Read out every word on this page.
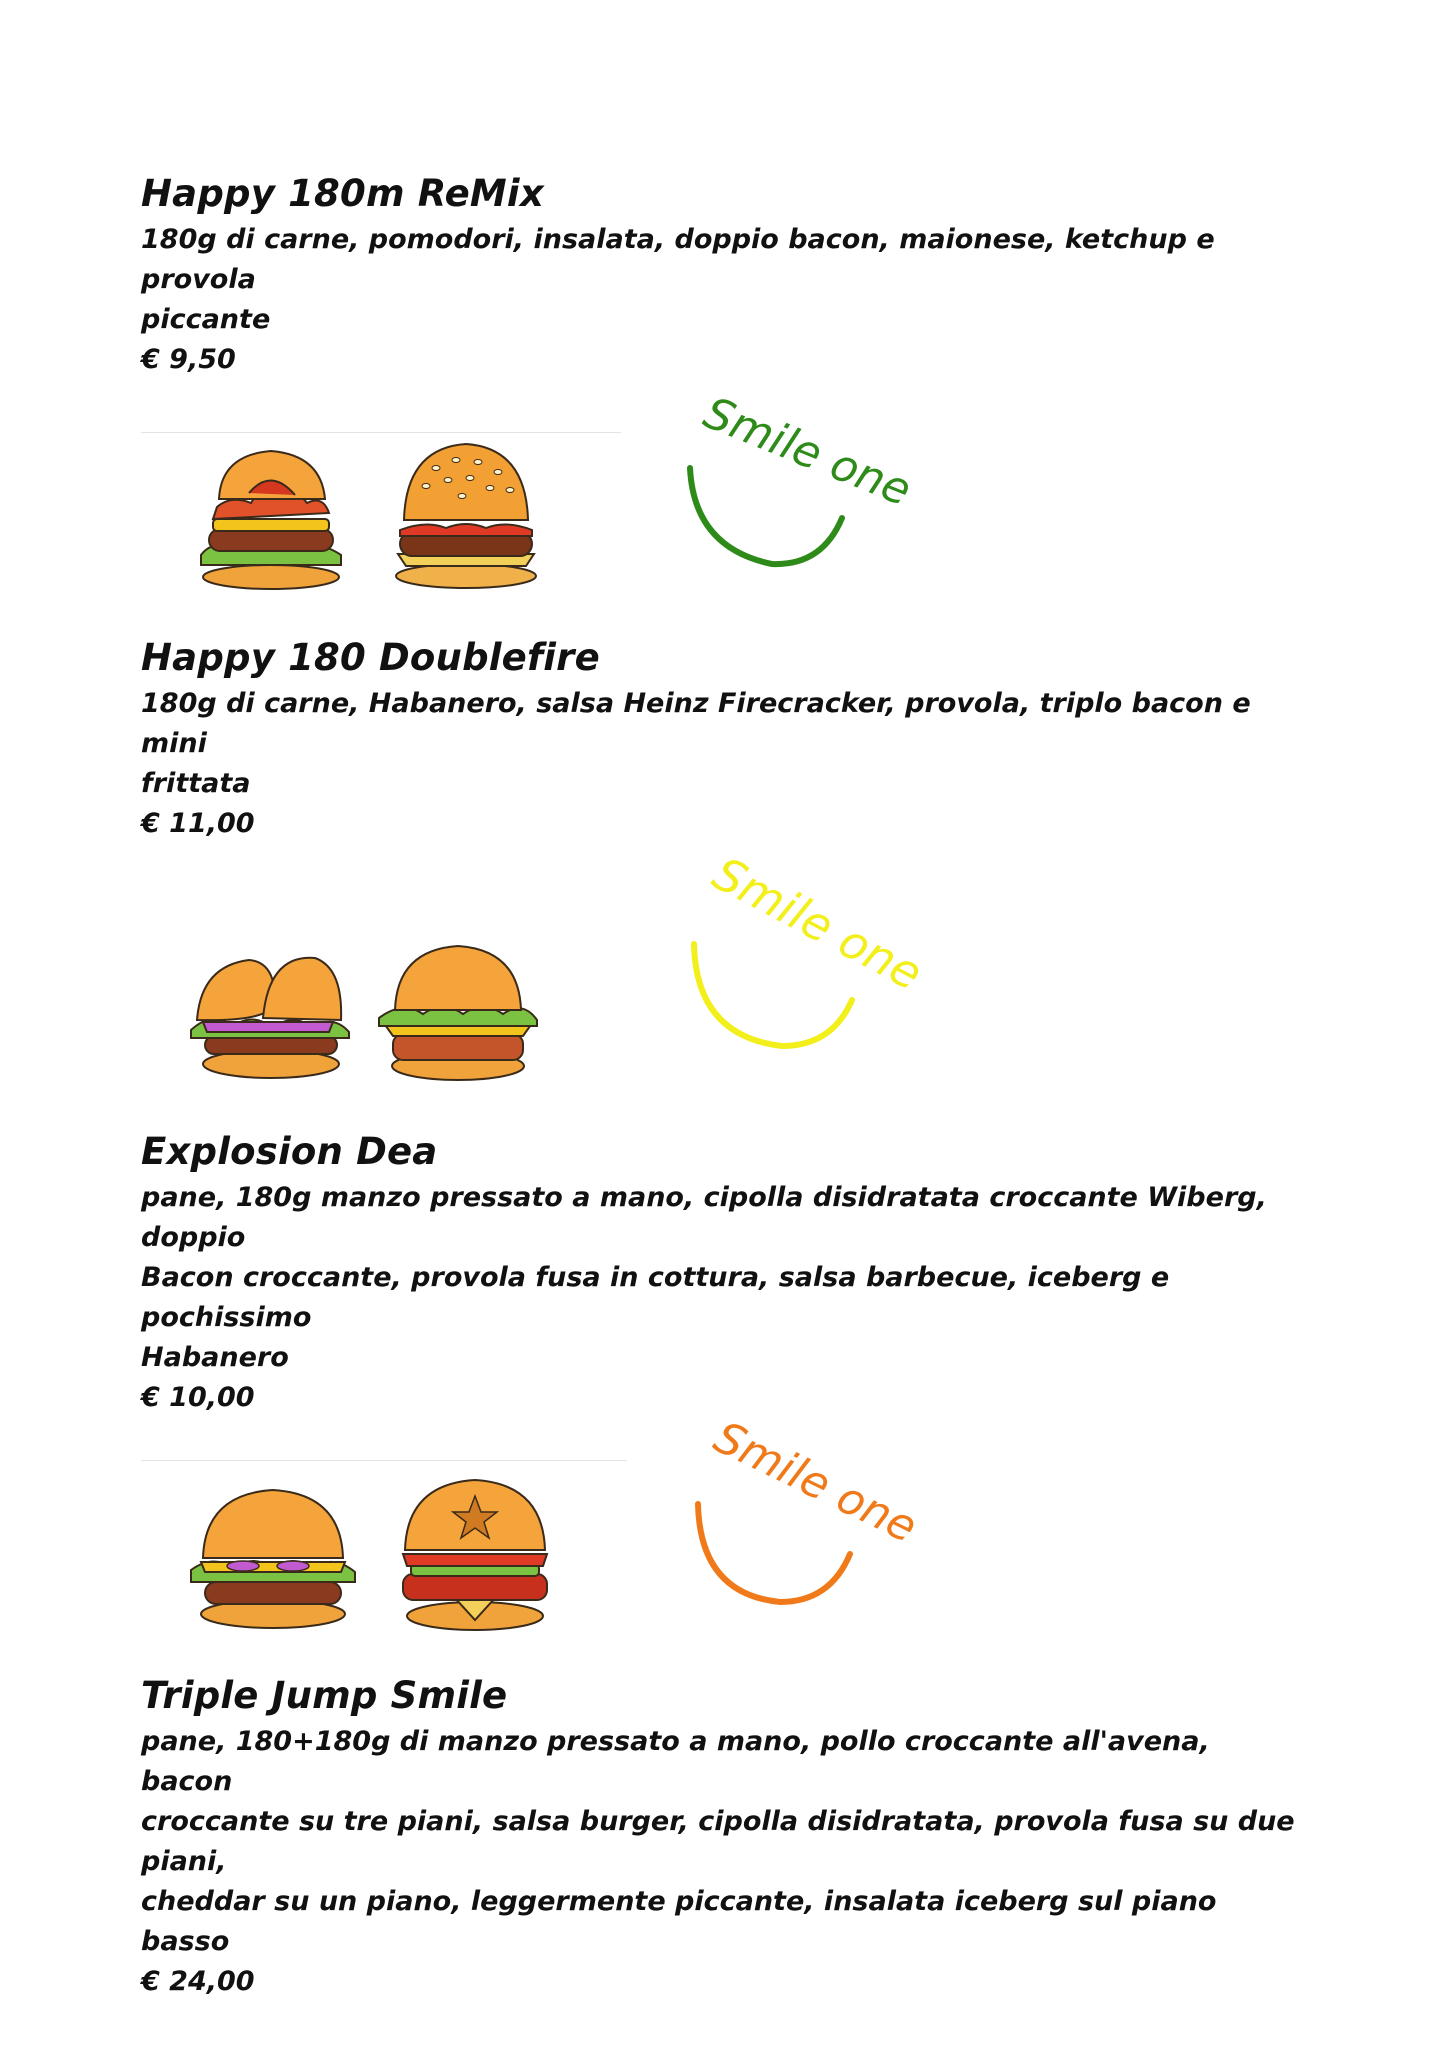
Happy 180m ReMix

180g di carne, pomodori, insalata, doppio bacon, maionese, ketchup e provola

piccante

€ 9,50

Smile one
Happy 180 Doublefire

180g di carne, Habanero, salsa Heinz Firecracker, provola, triplo bacon e mini

frittata

€ 11,00

Smile one
Explosion Dea

pane, 180g manzo pressato a mano, cipolla disidratata croccante Wiberg, doppio

Bacon croccante, provola fusa in cottura, salsa barbecue, iceberg e pochissimo

Habanero

€ 10,00

Smile one
Triple Jump Smile

pane, 180+180g di manzo pressato a mano, pollo croccante all'avena, bacon

croccante su tre piani, salsa burger, cipolla disidratata, provola fusa su due piani,

cheddar su un piano, leggermente piccante, insalata iceberg sul piano basso

€ 24,00
